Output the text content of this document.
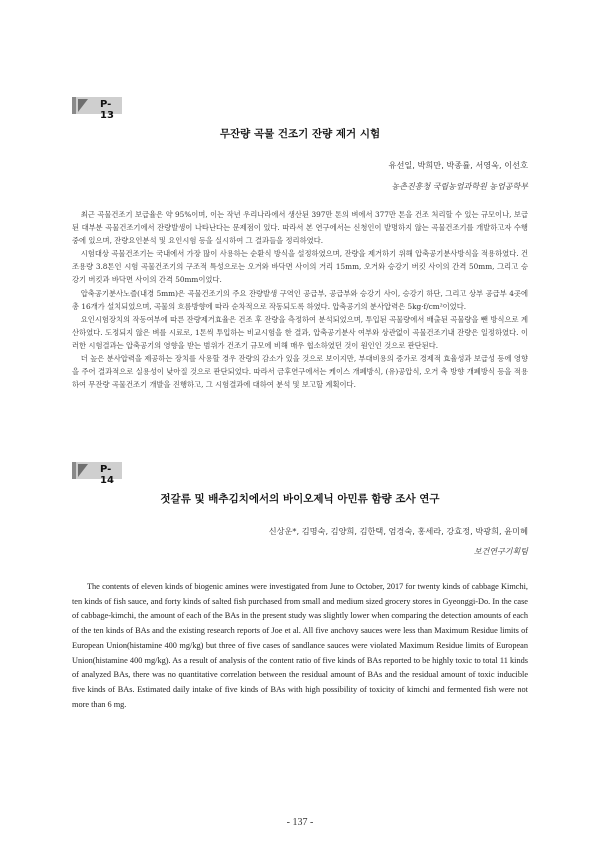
P-13
무잔량 곡물 건조기 잔량 제거 시험
유선일, 박희만, 박종률, 서영욱, 이선호
농촌진흥청 국립농업과학원 농업공학부

최근 곡물건조기 보급율은 약 95%이며, 이는 작년 우리나라에서 생산된 397만 톤의 벼에서 377만 톤을 건조 처리할 수 있는 규모이나, 보급된 대부분 곡물건조기에서 잔량발생이 나타난다는 문제점이 있다. 따라서 본 연구에서는 신청인이 발명하지 않는 곡물건조기를 개발하고자 수행 중에 있으며, 잔량요인분석 및 요인시험 등을 실시하여 그 결과들을 정리하였다.

시험대상 곡물건조기는 국내에서 가장 많이 사용하는 순환식 방식을 설정하였으며, 잔량을 제거하기 위해 압축공기분사방식을 적용하였다. 건조용량 3.8톤인 시험 곡물건조기의 구조적 특성으로는 오거와 바닥면 사이의 거리 15mm, 오거와 승강기 버킷 사이의 간격 50mm, 그리고 승강기 버킷과 바닥면 사이의 간격 50mm이었다.

압축공기분사노즐(내경 5mm)은 곡물건조기의 주요 잔량발생 구역인 공급부, 공급부와 승강기 사이, 승강기 하단, 그리고 상부 공급부 4곳에 총 16개가 설치되었으며, 곡물의 흐름방향에 따라 순차적으로 작동되도록 하였다. 압축공기의 분사압력은 5kg·f/cm²이었다.

요인시험장치의 작동여부에 따른 잔량제거효율은 건조 후 잔량을 측정하여 분석되었으며, 투입된 곡물량에서 배출된 곡물량을 뺀 방식으로 계산하였다. 도정되지 않은 벼를 시료로, 1톤씩 투입하는 비교시험을 한 결과, 압축공기분사 여부와 상관없이 곡물건조기내 잔량은 일정하였다. 이러한 시험결과는 압축공기의 영향을 받는 범위가 건조기 규모에 비해 매우 협소하였던 것이 원인인 것으로 판단된다.

더 높은 분사압력을 제공하는 장치를 사용할 경우 잔량의 감소가 있을 것으로 보이지만, 부대비용의 증가로 경제적 효율성과 보급성 등에 영향을 주어 결과적으로 실용성이 낮아질 것으로 판단되었다. 따라서 금후연구에서는 케이스 개폐방식, (유)공압식, 오거 축 방향 개폐방식 등을 적용하여 무잔량 곡물건조기 개발을 진행하고, 그 시험결과에 대하여 분석 및 보고할 계획이다.

P-14
젓갈류 및 배추김치에서의 바이오제닉 아민류 함량 조사 연구
신상운*, 김명숙, 김양희, 김한택, 엄경숙, 홍세라, 강효정, 박광희, 윤미혜
보건연구기획팀

The contents of eleven kinds of biogenic amines were investigated from June to October, 2017 for twenty kinds of cabbage Kimchi, ten kinds of fish sauce, and forty kinds of salted fish purchased from small and medium sized grocery stores in Gyeonggi-Do. In the case of cabbage-kimchi, the amount of each of the BAs in the present study was slightly lower when comparing the detection amounts of each of the ten kinds of BAs and the existing research reports of Joe et al. All five anchovy sauces were less than Maximum Residue limits of European Union(histamine 400 mg/kg) but three of five cases of sandlance sauces were violated Maximum Residue limits of European Union(histamine 400 mg/kg). As a result of analysis of the content ratio of five kinds of BAs reported to be highly toxic to total 11 kinds of analyzed BAs, there was no quantitative correlation between the residual amount of BAs and the residual amount of toxic inducible five kinds of BAs. Estimated daily intake of five kinds of BAs with high possibility of toxicity of kimchi and fermented fish were not more than 6 mg.

- 137 -
